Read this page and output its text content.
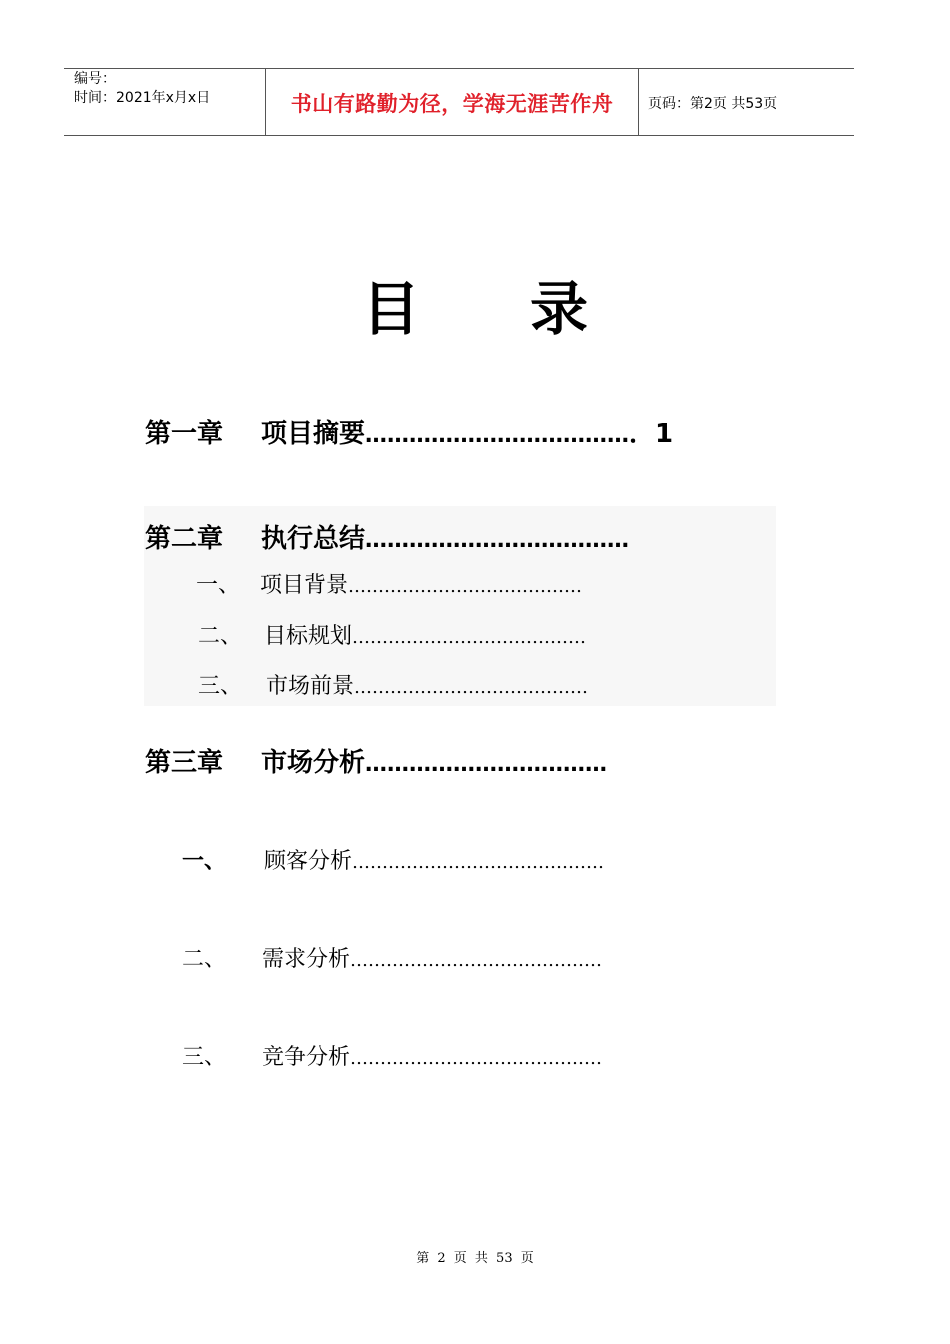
编号：
时间：2021年x月x日	书山有路勤为径，学海无涯苦作舟	页码：第2页 共53页
目 录
第一章 项目摘要………………………………．1
第二章 执行总结………………………………
一、 项目背景…………………………………
二、 目标规划…………………………………
三、 市场前景…………………………………
第三章 市场分析……………………………
一、 顾客分析……………………………………
二、 需求分析……………………………………
三、 竞争分析……………………………………
第 2 页 共 53 页
